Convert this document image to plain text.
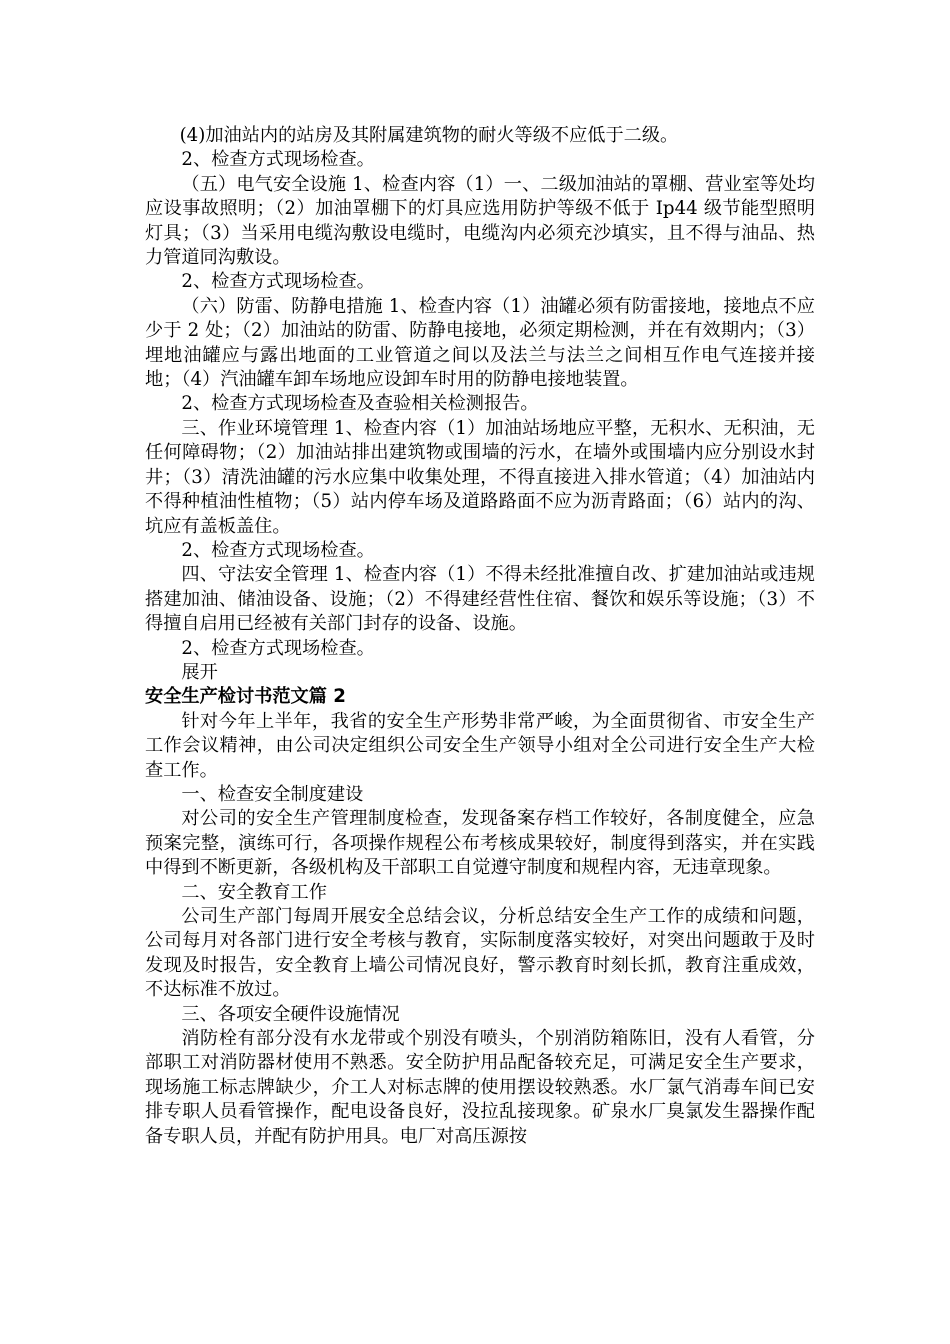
(4)加油站内的站房及其附属建筑物的耐火等级不应低于二级。

2、检查方式现场检查。

（五）电气安全设施 1、检查内容（1）一、二级加油站的罩棚、营业室等处均应设事故照明；（2）加油罩棚下的灯具应选用防护等级不低于 Ip44 级节能型照明灯具；（3）当采用电缆沟敷设电缆时，电缆沟内必须充沙填实，且不得与油品、热力管道同沟敷设。

2、检查方式现场检查。

（六）防雷、防静电措施 1、检查内容（1）油罐必须有防雷接地，接地点不应少于 2 处；（2）加油站的防雷、防静电接地，必须定期检测，并在有效期内；（3）埋地油罐应与露出地面的工业管道之间以及法兰与法兰之间相互作电气连接并接地；（4）汽油罐车卸车场地应设卸车时用的防静电接地装置。

2、检查方式现场检查及查验相关检测报告。

三、作业环境管理 1、检查内容（1）加油站场地应平整，无积水、无积油，无任何障碍物；（2）加油站排出建筑物或围墙的污水，在墙外或围墙内应分别设水封井；（3）清洗油罐的污水应集中收集处理，不得直接进入排水管道；（4）加油站内不得种植油性植物；（5）站内停车场及道路路面不应为沥青路面；（6）站内的沟、坑应有盖板盖住。

2、检查方式现场检查。

四、守法安全管理 1、检查内容（1）不得未经批准擅自改、扩建加油站或违规搭建加油、储油设备、设施；（2）不得建经营性住宿、餐饮和娱乐等设施；（3）不得擅自启用已经被有关部门封存的设备、设施。

2、检查方式现场检查。

展开

安全生产检讨书范文篇 2

针对今年上半年，我省的安全生产形势非常严峻，为全面贯彻省、市安全生产工作会议精神，由公司决定组织公司安全生产领导小组对全公司进行安全生产大检查工作。

一、检查安全制度建设

对公司的安全生产管理制度检查，发现备案存档工作较好，各制度健全，应急预案完整，演练可行，各项操作规程公布考核成果较好，制度得到落实，并在实践中得到不断更新，各级机构及干部职工自觉遵守制度和规程内容，无违章现象。

二、安全教育工作

公司生产部门每周开展安全总结会议，分析总结安全生产工作的成绩和问题，公司每月对各部门进行安全考核与教育，实际制度落实较好，对突出问题敢于及时发现及时报告，安全教育上墙公司情况良好，警示教育时刻长抓，教育注重成效，不达标准不放过。

三、各项安全硬件设施情况

消防栓有部分没有水龙带或个别没有喷头，个别消防箱陈旧，没有人看管，分部职工对消防器材使用不熟悉。安全防护用品配备较充足，可满足安全生产要求，现场施工标志牌缺少，介工人对标志牌的使用摆设较熟悉。水厂氯气消毒车间已安排专职人员看管操作，配电设备良好，没拉乱接现象。矿泉水厂臭氯发生器操作配备专职人员，并配有防护用具。电厂对高压源按
